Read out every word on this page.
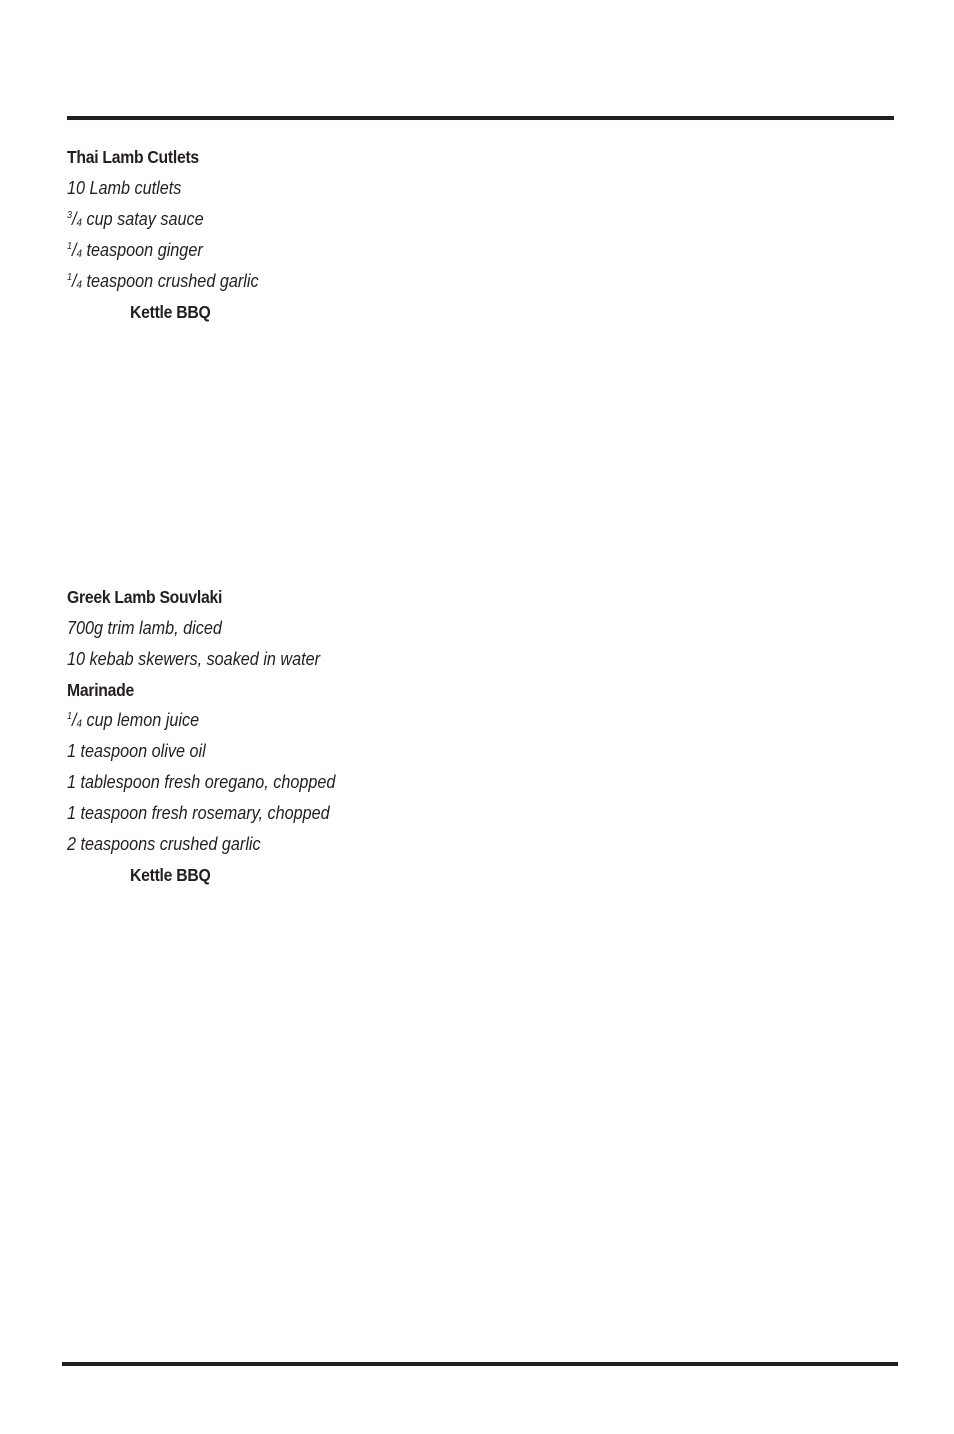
Thai Lamb Cutlets
10 Lamb cutlets
$^3/_4$ cup satay sauce
$^1/_4$ teaspoon ginger
$^1/_4$ teaspoon crushed garlic
Kettle BBQ
Greek Lamb Souvlaki
700g trim lamb, diced
10 kebab skewers, soaked in water
Marinade
$^1/_4$ cup lemon juice
1 teaspoon olive oil
1 tablespoon fresh oregano, chopped
1 teaspoon fresh rosemary, chopped
2 teaspoons crushed garlic
Kettle BBQ
